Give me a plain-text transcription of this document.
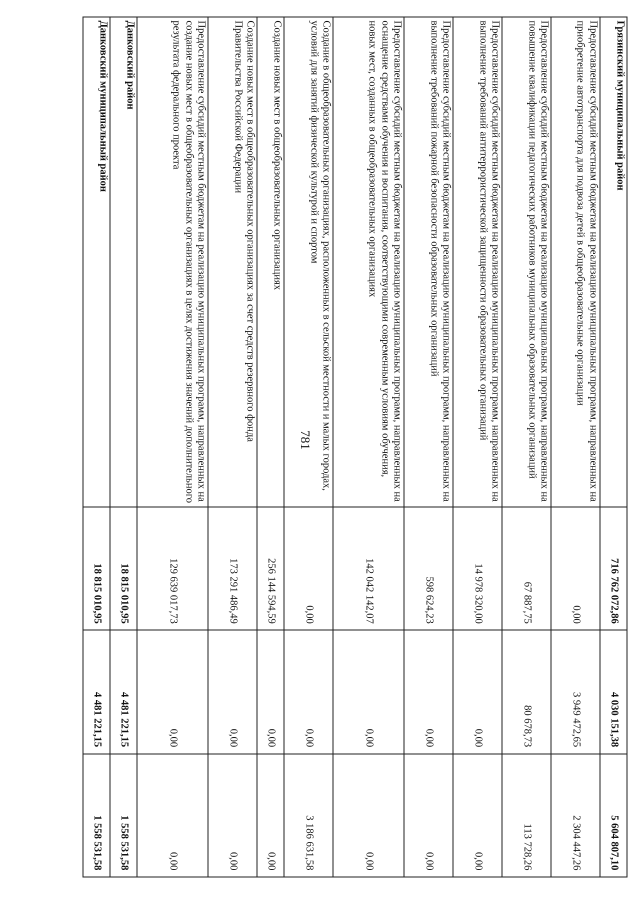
781
Грязинский муниципальный район	716 762 072,86	4 030 151,38	5 604 807,10
Предоставление субсидий местным бюджетам на реализацию муниципальных программ, направленных на приобретение автотранспорта для подвоза детей в общеобразовательные организации	0,00	3 949 472,65	2 304 447,26
Предоставление субсидий местным бюджетам на реализацию муниципальных программ, направленных на повышение квалификации педагогических работников муниципальных образовательных организаций	67 887,75	80 678,73	113 728,26
Предоставление субсидий местным бюджетам на реализацию муниципальных программ, направленных на выполнение требований антитеррористической защищенности образовательных организаций	14 978 320,00	0,00	0,00
Предоставление субсидий местным бюджетам на реализацию муниципальных программ, направленных на выполнение требований пожарной безопасности образовательных организаций	598 624,23	0,00	0,00
Предоставление субсидий местным бюджетам на реализацию муниципальных программ, направленных на оснащение средствами обучения и воспитания, соответствующими современным условиям обучения, новых мест, созданных в общеобразовательных организациях	142 042 142,07	0,00	0,00
Создание в общеобразовательных организациях, расположенных в сельской местности и малых городах, условий для занятий физической культурой и спортом	0,00	0,00	3 186 631,58
Создание новых мест в общеобразовательных организациях	256 144 594,59	0,00	0,00
Создание новых мест в общеобразовательных организациях за счет средств резервного фонда Правительства Российской Федерации	173 291 486,49	0,00	0,00
Предоставление субсидий местным бюджетам на реализацию муниципальных программ, направленных на создание новых мест в общеобразовательных организациях в целях достижения значений дополнительного результата федерального проекта	129 639 017,73	0,00	0,00
Данковский район	18 815 010,95	4 481 221,15	1 558 531,58
Данковский муниципальный район	18 815 010,95	4 481 221,15	1 558 531,58
